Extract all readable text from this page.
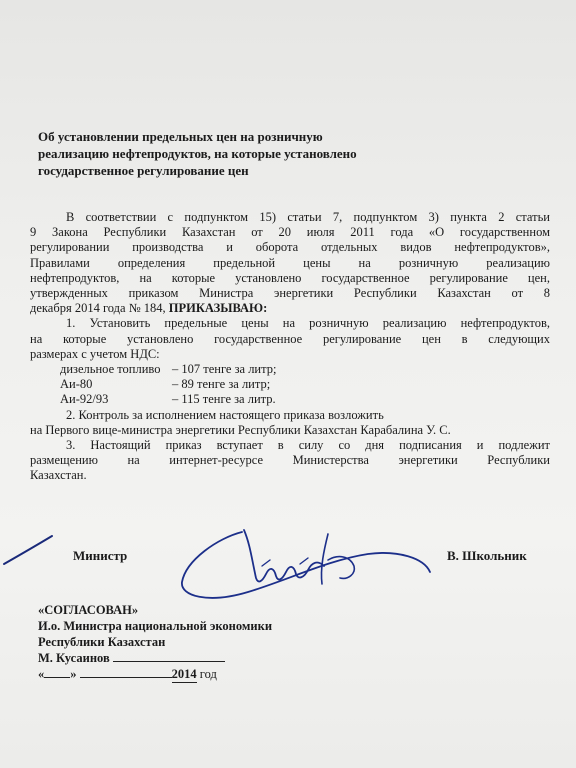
Об установлении предельных цен на розничную
реализацию нефтепродуктов, на которые установлено
государственное регулирование цен
В соответствии с подпунктом 15) статьи 7, подпунктом 3) пункта 2 статьи
9 Закона Республики Казахстан от 20 июля 2011 года «О государственном
регулировании производства и оборота отдельных видов нефтепродуктов»,
Правилами определения предельной цены на розничную реализацию
нефтепродуктов, на которые установлено государственное регулирование цен,
утвержденных приказом Министра энергетики Республики Казахстан от 8
декабря 2014 года № 184, ПРИКАЗЫВАЮ:
1. Установить предельные цены на розничную реализацию нефтепродуктов,
на которые установлено государственное регулирование цен в следующих
размерах с учетом НДС:
дизельное топливо – 107 тенге за литр;
Аи-80	– 89 тенге за литр;
Аи-92/93	– 115 тенге за литр.
2. Контроль за исполнением настоящего приказа возложить
на Первого вице-министра энергетики Республики Казахстан Карабалина У. С.
3. Настоящий приказ вступает в силу со дня подписания и подлежит
размещению на интернет-ресурсе Министерства энергетики Республики
Казахстан.
Министр	В. Школьник
«СОГЛАСОВАН»
И.о. Министра национальной экономики
Республики Казахстан
М. Кусаинов
« »	2014 год
